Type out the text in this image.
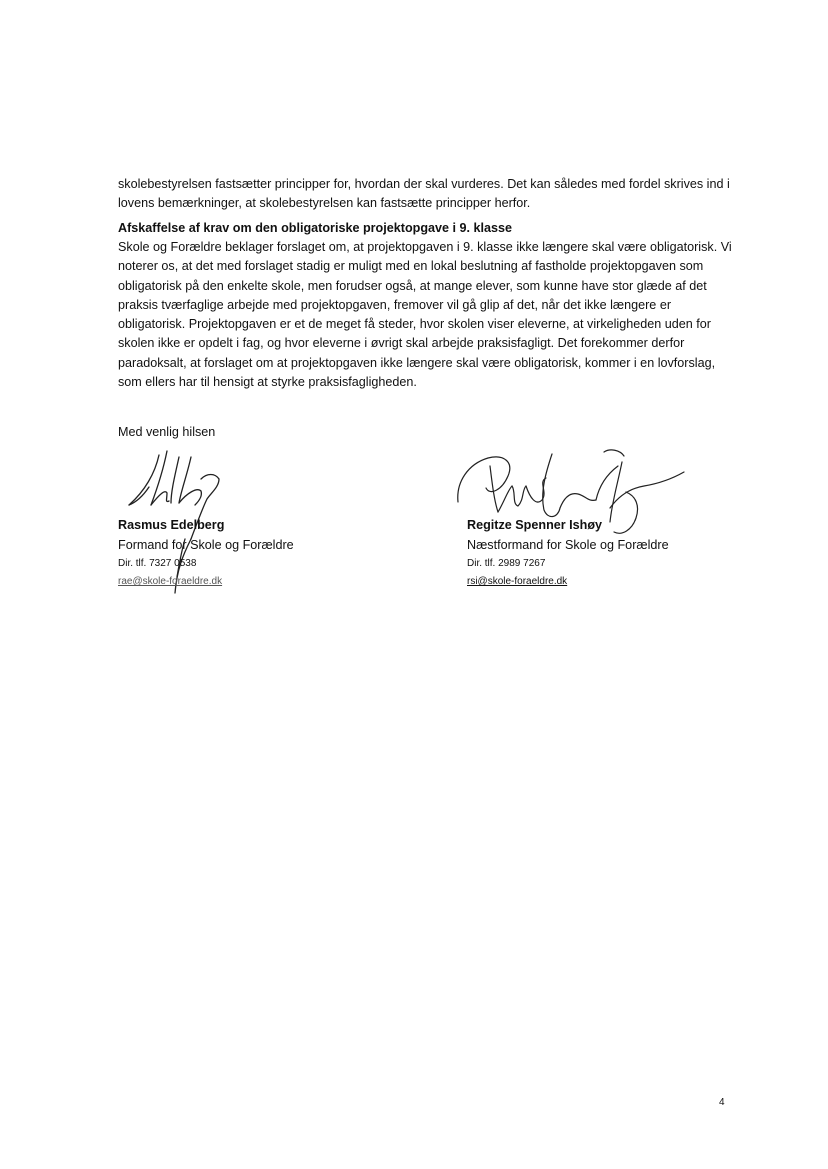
skolebestyrelsen fastsætter principper for, hvordan der skal vurderes. Det kan således med fordel skrives ind i lovens bemærkninger, at skolebestyrelsen kan fastsætte principper herfor.

Afskaffelse af krav om den obligatoriske projektopgave i 9. klasse

Skole og Forældre beklager forslaget om, at projektopgaven i 9. klasse ikke længere skal være obligatorisk. Vi noterer os, at det med forslaget stadig er muligt med en lokal beslutning af fastholde projektopgaven som obligatorisk på den enkelte skole, men forudser også, at mange elever, som kunne have stor glæde af det praksis tværfaglige arbejde med projektopgaven, fremover vil gå glip af det, når det ikke længere er obligatorisk. Projektopgaven er et de meget få steder, hvor skolen viser eleverne, at virkeligheden uden for skolen ikke er opdelt i fag, og hvor eleverne i øvrigt skal arbejde praksisfagligt. Det forekommer derfor paradoksalt, at forslaget om at projektopgaven ikke længere skal være obligatorisk, kommer i en lovforslag, som ellers har til hensigt at styrke praksisfagligheden.

Med venlig hilsen
Rasmus Edelberg
Formand for Skole og Forældre
Dir. tlf. 7327 0538
rae@skole-foraeldre.dk
Regitze Spenner Ishøy
Næstformand for Skole og Forældre
Dir. tlf. 2989 7267
rsi@skole-foraeldre.dk
4
